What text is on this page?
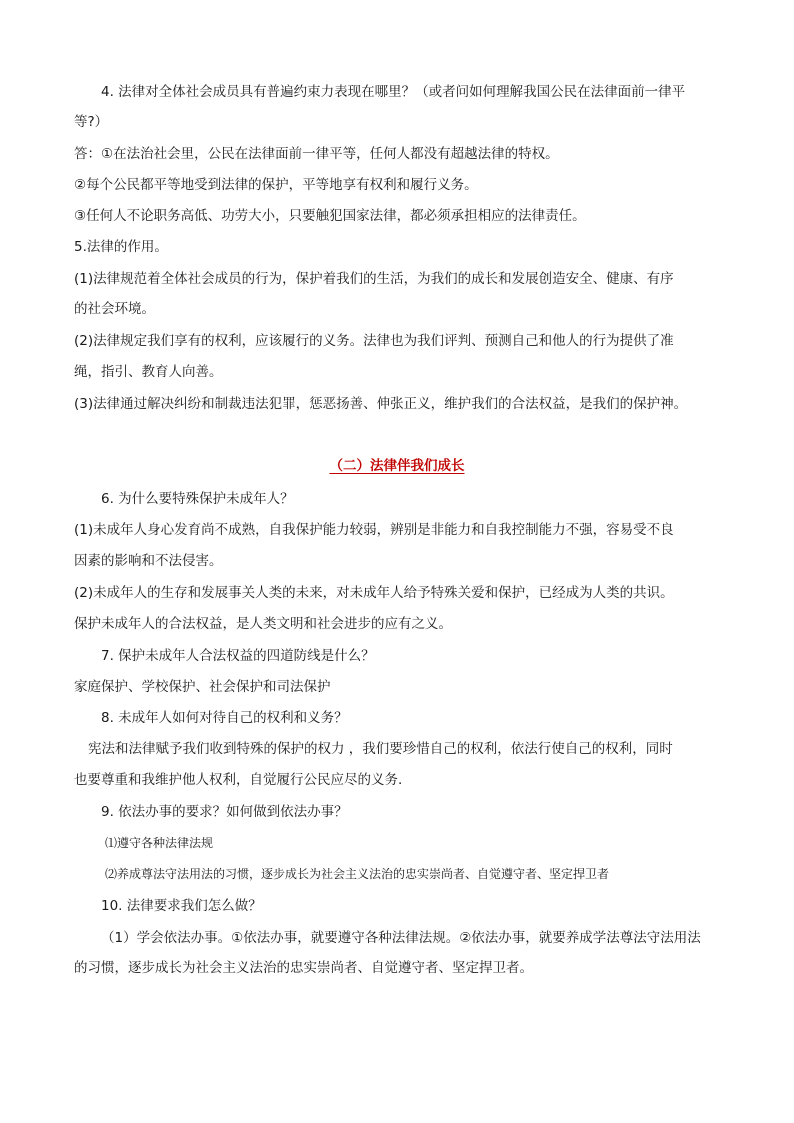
4. 法律对全体社会成员具有普遍约束力表现在哪里？（或者问如何理解我国公民在法律面前一律平

等?）

答：①在法治社会里，公民在法律面前一律平等，任何人都没有超越法律的特权。

②每个公民都平等地受到法律的保护，平等地享有权利和履行义务。

③任何人不论职务高低、功劳大小，只要触犯国家法律，都必须承担相应的法律责任。

5.法律的作用。

(1)法律规范着全体社会成员的行为，保护着我们的生活，为我们的成长和发展创造安全、健康、有序

的社会环境。

(2)法律规定我们享有的权利，应该履行的义务。法律也为我们评判、预测自己和他人的行为提供了准

绳，指引、教育人向善。

(3)法律通过解决纠纷和制裁违法犯罪，惩恶扬善、伸张正义，维护我们的合法权益，是我们的保护神。

（二）法律伴我们成长

6. 为什么要特殊保护未成年人？

(1)未成年人身心发育尚不成熟，自我保护能力较弱，辨别是非能力和自我控制能力不强，容易受不良

因素的影响和不法侵害。

(2)未成年人的生存和发展事关人类的未来，对未成年人给予特殊关爱和保护，已经成为人类的共识。

保护未成年人的合法权益，是人类文明和社会进步的应有之义。

7. 保护未成年人合法权益的四道防线是什么？

家庭保护、学校保护、社会保护和司法保护

8. 未成年人如何对待自己的权利和义务？

宪法和法律赋予我们收到特殊的保护的权力 ，我们要珍惜自己的权利，依法行使自己的权利，同时

也要尊重和我维护他人权利，自觉履行公民应尽的义务.

9. 依法办事的要求？如何做到依法办事？

⑴遵守各种法律法规

⑵养成尊法守法用法的习惯，逐步成长为社会主义法治的忠实崇尚者、自觉遵守者、坚定捍卫者

10. 法律要求我们怎么做？

（1）学会依法办事。①依法办事，就要遵守各种法律法规。②依法办事，就要养成学法尊法守法用法

的习惯，逐步成长为社会主义法治的忠实崇尚者、自觉遵守者、坚定捍卫者。
